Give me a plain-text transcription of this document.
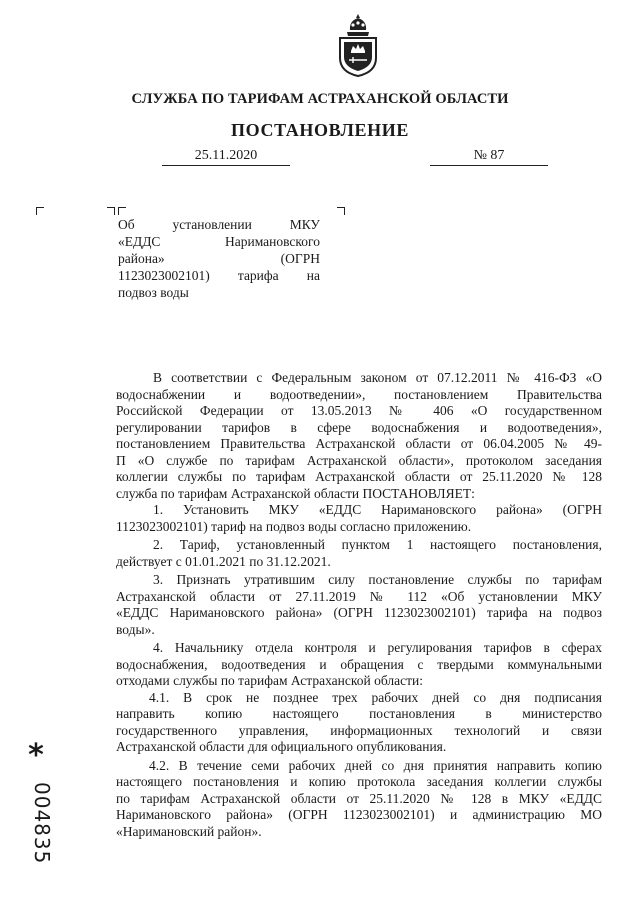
СЛУЖБА ПО ТАРИФАМ АСТРАХАНСКОЙ ОБЛАСТИ
ПОСТАНОВЛЕНИЕ
25.11.2020	№ 87
Об установлении МКУ
«ЕДДС Наримановского
района» (ОГРН
1123023002101) тарифа на
подвоз воды
В соответствии с Федеральным законом от 07.12.2011 № 416-ФЗ «О
водоснабжении и водоотведении», постановлением Правительства
Российской Федерации от 13.05.2013 № 406 «О государственном
регулировании тарифов в сфере водоснабжения и водоотведения»,
постановлением Правительства Астраханской области от 06.04.2005 № 49-
П «О службе по тарифам Астраханской области», протоколом заседания
коллегии службы по тарифам Астраханской области от 25.11.2020 № 128
служба по тарифам Астраханской области ПОСТАНОВЛЯЕТ:
1. Установить МКУ «ЕДДС Наримановского района» (ОГРН
1123023002101) тариф на подвоз воды согласно приложению.
2. Тариф, установленный пунктом 1 настоящего постановления,
действует с 01.01.2021 по 31.12.2021.
3. Признать утратившим силу постановление службы по тарифам
Астраханской области от 27.11.2019 № 112 «Об установлении МКУ
«ЕДДС Наримановского района» (ОГРН 1123023002101) тарифа на подвоз
воды».
4. Начальнику отдела контроля и регулирования тарифов в сферах
водоснабжения, водоотведения и обращения с твердыми коммунальными
отходами службы по тарифам Астраханской области:
4.1. В срок не позднее трех рабочих дней со дня подписания
направить копию настоящего постановления в министерство
государственного управления, информационных технологий и связи
Астраханской области для официального опубликования.
4.2. В течение семи рабочих дней со дня принятия направить копию
настоящего постановления и копию протокола заседания коллегии службы
по тарифам Астраханской области от 25.11.2020 № 128 в МКУ «ЕДДС
Наримановского района» (ОГРН 1123023002101) и администрацию МО
«Наримановский район».
*
004835
